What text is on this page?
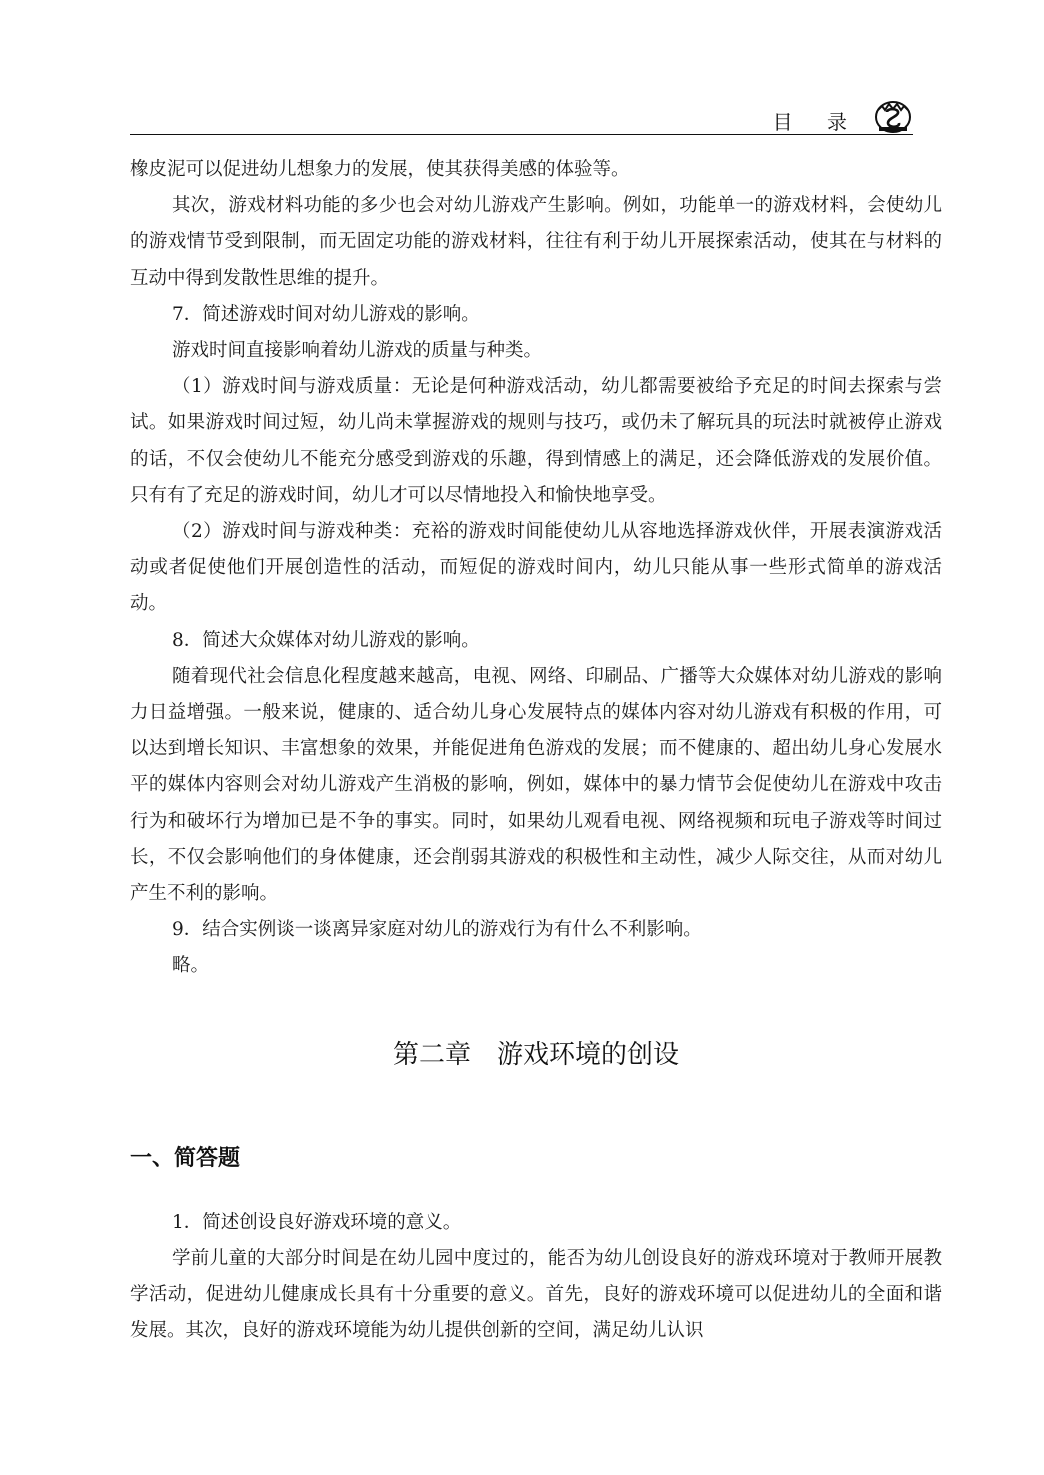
目 录

橡皮泥可以促进幼儿想象力的发展，使其获得美感的体验等。

其次，游戏材料功能的多少也会对幼儿游戏产生影响。例如，功能单一的游戏材料，会使幼儿的游戏情节受到限制，而无固定功能的游戏材料，往往有利于幼儿开展探索活动，使其在与材料的互动中得到发散性思维的提升。

7．简述游戏时间对幼儿游戏的影响。

游戏时间直接影响着幼儿游戏的质量与种类。

（1）游戏时间与游戏质量：无论是何种游戏活动，幼儿都需要被给予充足的时间去探索与尝试。如果游戏时间过短，幼儿尚未掌握游戏的规则与技巧，或仍未了解玩具的玩法时就被停止游戏的话，不仅会使幼儿不能充分感受到游戏的乐趣，得到情感上的满足，还会降低游戏的发展价值。只有有了充足的游戏时间，幼儿才可以尽情地投入和愉快地享受。

（2）游戏时间与游戏种类：充裕的游戏时间能使幼儿从容地选择游戏伙伴，开展表演游戏活动或者促使他们开展创造性的活动，而短促的游戏时间内，幼儿只能从事一些形式简单的游戏活动。

8．简述大众媒体对幼儿游戏的影响。

随着现代社会信息化程度越来越高，电视、网络、印刷品、广播等大众媒体对幼儿游戏的影响力日益增强。一般来说，健康的、适合幼儿身心发展特点的媒体内容对幼儿游戏有积极的作用，可以达到增长知识、丰富想象的效果，并能促进角色游戏的发展；而不健康的、超出幼儿身心发展水平的媒体内容则会对幼儿游戏产生消极的影响，例如，媒体中的暴力情节会促使幼儿在游戏中攻击行为和破坏行为增加已是不争的事实。同时，如果幼儿观看电视、网络视频和玩电子游戏等时间过长，不仅会影响他们的身体健康，还会削弱其游戏的积极性和主动性，减少人际交往，从而对幼儿产生不利的影响。

9．结合实例谈一谈离异家庭对幼儿的游戏行为有什么不利影响。

略。

第二章　游戏环境的创设
一、简答题

1．简述创设良好游戏环境的意义。

学前儿童的大部分时间是在幼儿园中度过的，能否为幼儿创设良好的游戏环境对于教师开展教学活动，促进幼儿健康成长具有十分重要的意义。首先，良好的游戏环境可以促进幼儿的全面和谐发展。其次，良好的游戏环境能为幼儿提供创新的空间，满足幼儿认识
